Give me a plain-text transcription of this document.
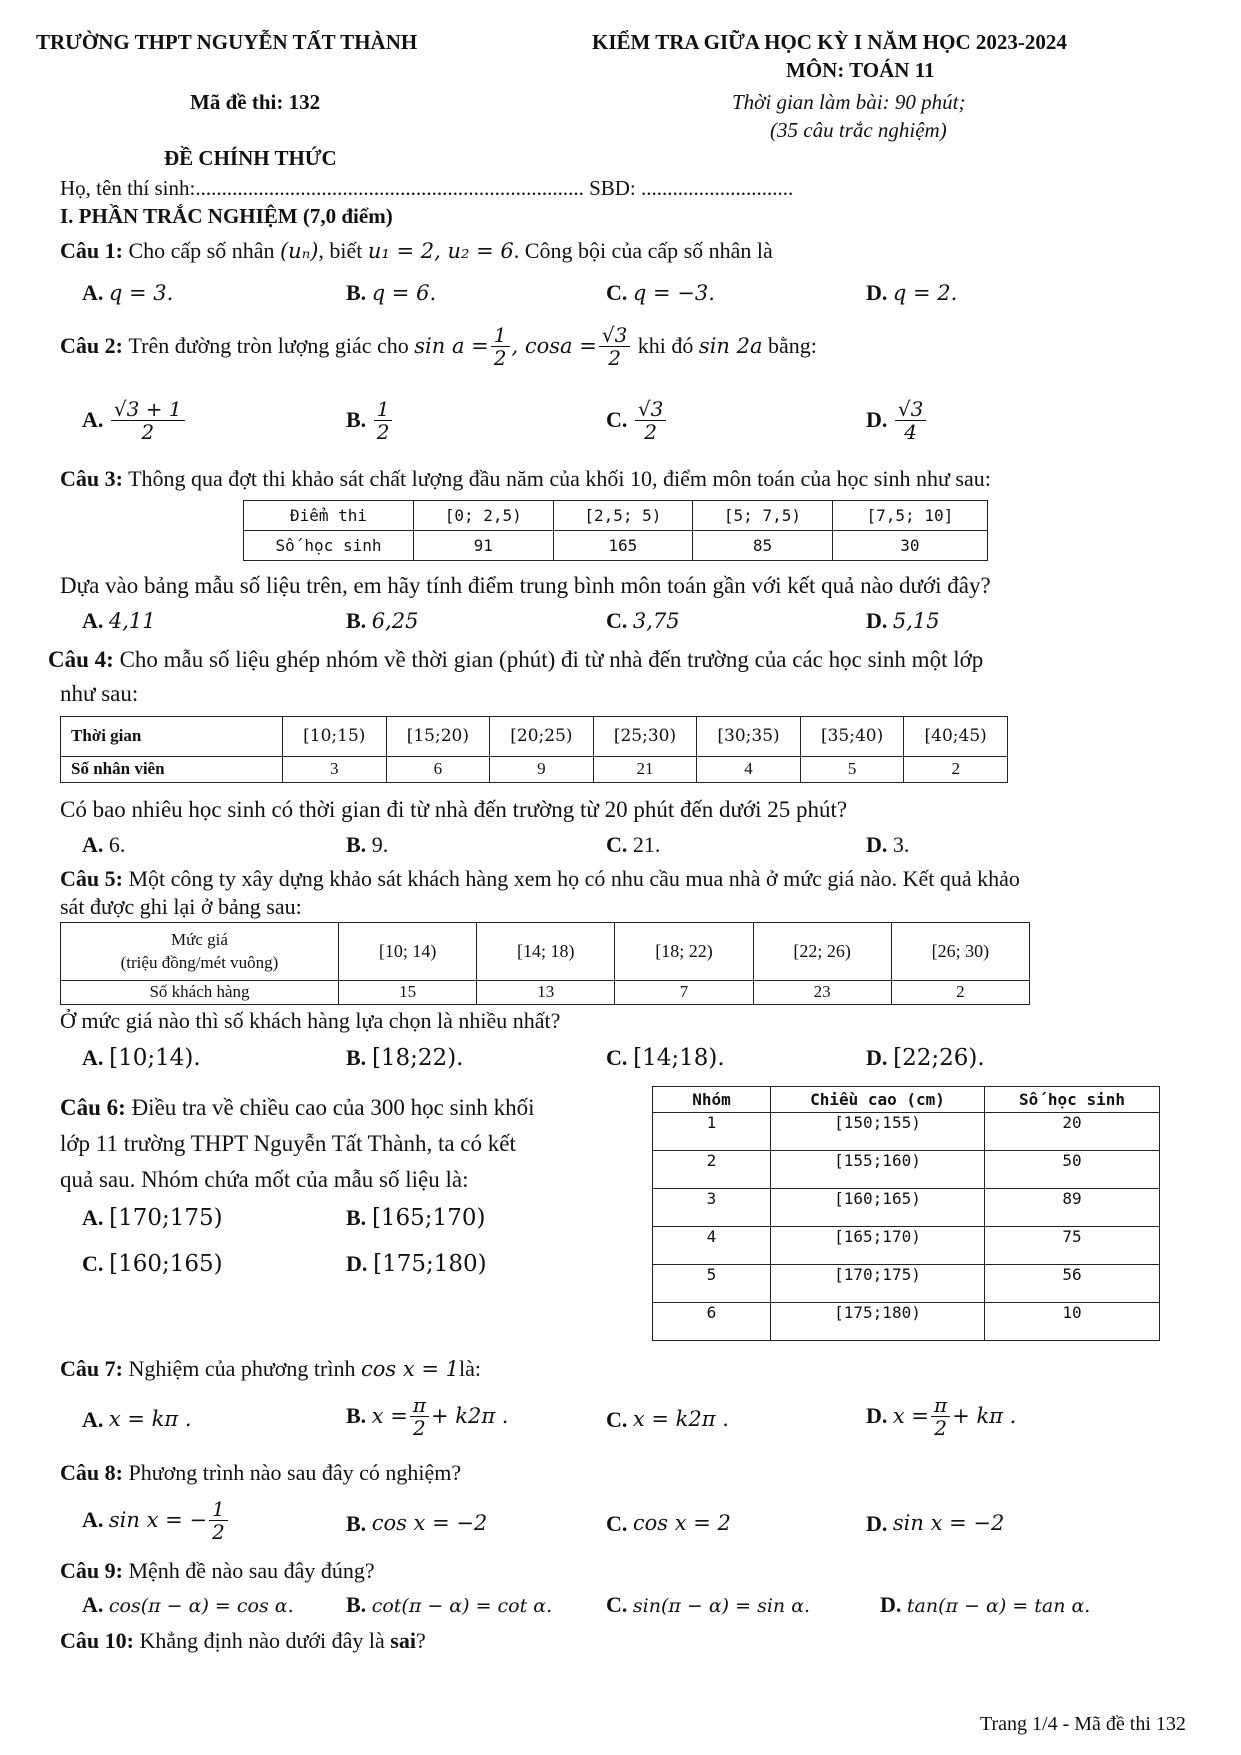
TRƯỜNG THPT NGUYỄN TẤT THÀNH	KIỂM TRA GIỮA HỌC KỲ I NĂM HỌC 2023-2024
MÔN: TOÁN 11
Mã đề thi: 132	Thời gian làm bài: 90 phút;
(35 câu trắc nghiệm)
ĐỀ CHÍNH THỨC
Họ, tên thí sinh:.......................................................................... SBD: .............................
I. PHẦN TRẮC NGHIỆM (7,0 điểm)
Câu 1: Cho cấp số nhân (uₙ), biết u₁ = 2, u₂ = 6. Công bội của cấp số nhân là
A. q = 3.	B. q = 6.	C. q = −3.	D. q = 2.
Câu 2:
Trên đường tròn lượng giác cho
$\sin a = \frac{1}{2}$ , $\cos a = \frac{√3}{2}$
khi đó
sin 2a
bằng:
A.
$\frac{√3 + 1}{2}$	B.
$\frac{1}{2}$	C.
$\frac{√3}{2}$	D.
$\frac{√3}{4}$
Câu 3: Thông qua đợt thi khảo sát chất lượng đầu năm của khối 10, điểm môn toán của học sinh như sau:
Điểm thi	[0; 2,5)	[2,5; 5)	[5; 7,5)	[7,5; 10]
Số học sinh	91	165	85	30
Dựa vào bảng mẫu số liệu trên, em hãy tính điểm trung bình môn toán gần với kết quả nào dưới đây?
A. 4,11	B. 6,25	C. 3,75	D. 5,15
Câu 4: Cho mẫu số liệu ghép nhóm về thời gian (phút) đi từ nhà đến trường của các học sinh một lớp
như sau:
Thời gian	[10;15)	[15;20)	[20;25)	[25;30)	[30;35)	[35;40)	[40;45)
Số nhân viên	3	6	9	21	4	5	2
Có bao nhiêu học sinh có thời gian đi từ nhà đến trường từ 20 phút đến dưới 25 phút?
A. 6.	B. 9.	C. 21.	D. 3.
Câu 5: Một công ty xây dựng khảo sát khách hàng xem họ có nhu cầu mua nhà ở mức giá nào. Kết quả khảo
sát được ghi lại ở bảng sau:
Mức giá
(triệu đồng/mét vuông)	[10; 14)	[14; 18)	[18; 22)	[22; 26)	[26; 30)
Số khách hàng	15	13	7	23	2
Ở mức giá nào thì số khách hàng lựa chọn là nhiều nhất?
A. [10;14).	B. [18;22).	C. [14;18).	D. [22;26).
Câu 6: Điều tra về chiều cao của 300 học sinh khối
lớp 11 trường THPT Nguyễn Tất Thành, ta có kết
quả sau. Nhóm chứa mốt của mẫu số liệu là:
A. [170;175)	B. [165;170)
C. [160;165)	D. [175;180)
Nhóm	Chiều cao (cm)	Số học sinh
1	[150;155)	20
2	[155;160)	50
3	[160;165)	89
4	[165;170)	75
5	[170;175)	56
6	[175;180)	10
Câu 7: Nghiệm của phương trình cos x = 1là:
A.
x = kπ .	B.
$x = \frac{\pi}{2} + k2\pi$ .	C.
x = k2π .	D.
$x = \frac{\pi}{2} + k\pi$ .
Câu 8: Phương trình nào sau đây có nghiệm?
A.
sin x = − $\frac{1}{2}$	B.
cos x = −2	C.
cos x = 2	D.
sin x = −2
Câu 9: Mệnh đề nào sau đây đúng?
A. cos(π − α) = cos α. B. cot(π − α) = cot α. C. sin(π − α) = sin α.	D. tan(π − α) = tan α.
Câu 10: Khẳng định nào dưới đây là sai?
Trang 1/4 - Mã đề thi 132
